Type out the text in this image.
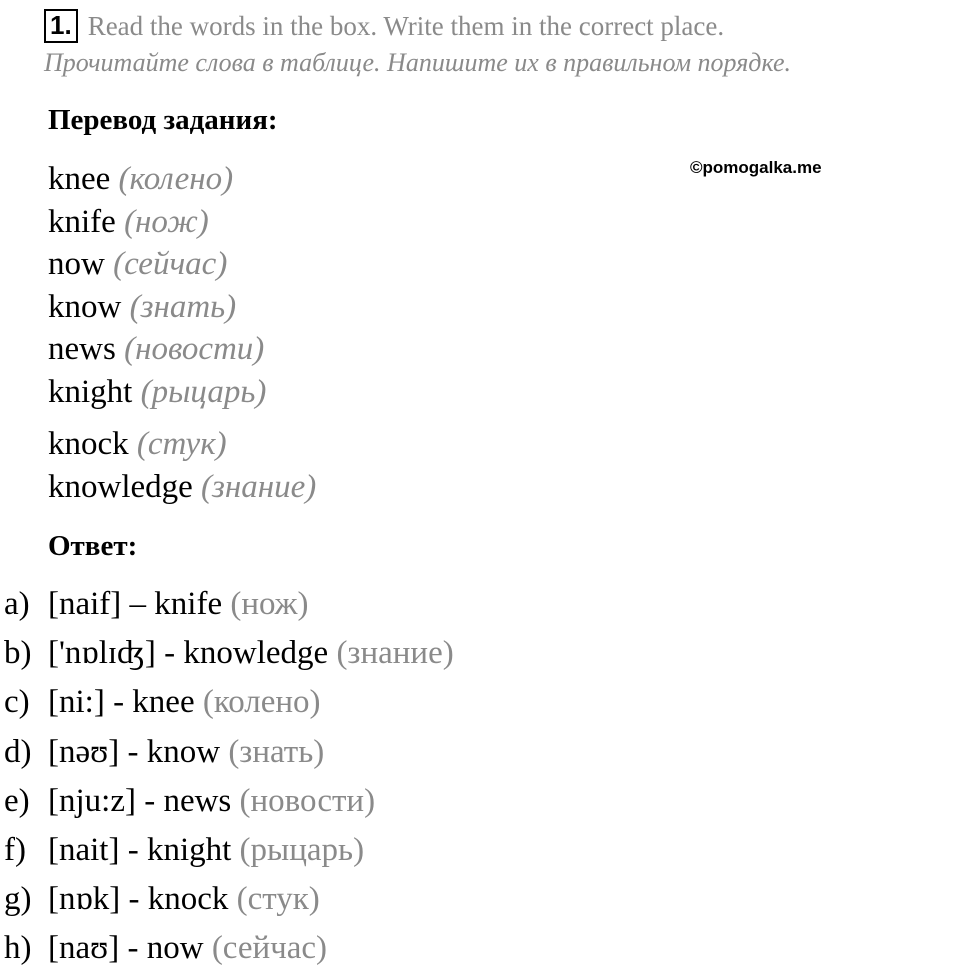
1. Read the words in the box. Write them in the correct place.
Прочитайте слова в таблице. Напишите их в правильном порядке.
Перевод задания:
©pomogalka.me
knee (колено)
knife (нож)
now (сейчас)
know (знать)
news (новости)
knight (рыцарь)
knock (стук)
knowledge (знание)
Ответ:
a) [naif] – knife
(нож)
b) ['nɒlɪʤ] - knowledge
(знание)
c) [ni:] - knee
(колено)
d) [nəʊ] - know
(знать)
e) [nju:z] - news
(новости)
f) [nait] - knight
(рыцарь)
g) [nɒk] - knock
(стук)
h) [naʊ] - now
(сейчас)
